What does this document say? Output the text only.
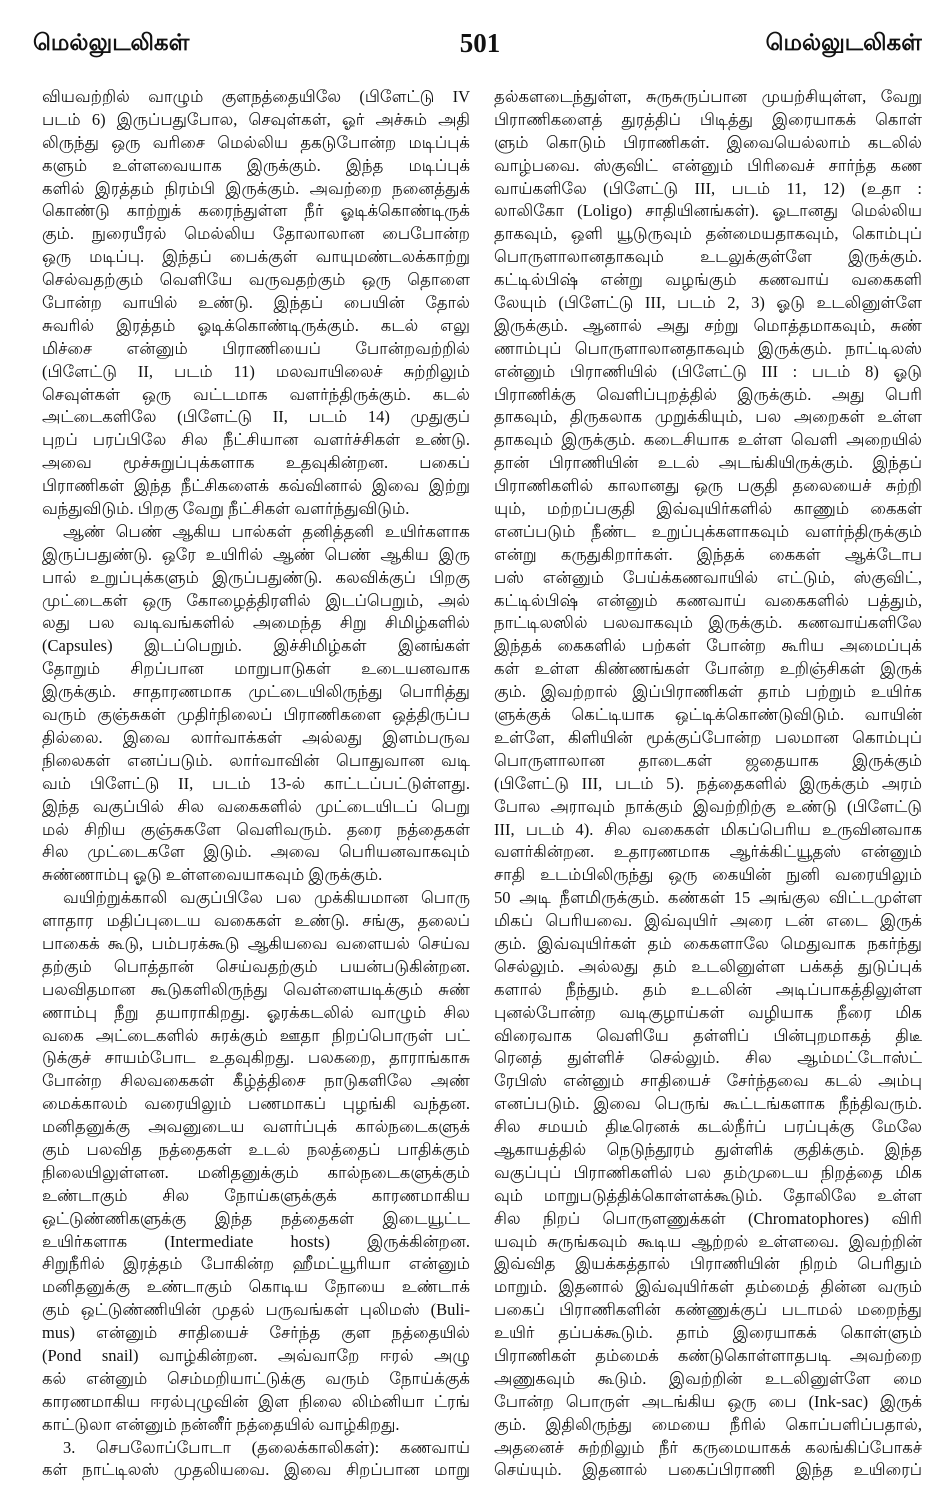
மெல்லுடலிகள்	501	மெல்லுடலிகள்
வியவற்றில் வாழும் குளநத்தையிலே (பிளேட்டு IV
படம் 6) இருப்பதுபோல, செவுள்கள், ஓர் அச்சும் அதி
லிருந்து ஒரு வரிசை மெல்லிய தகடுபோன்ற மடிப்புக்
களும் உள்ளவையாக இருக்கும். இந்த மடிப்புக்
களில் இரத்தம் நிரம்பி இருக்கும். அவற்றை நனைத்துக்
கொண்டு காற்றுக் கரைந்துள்ள நீர் ஓடிக்கொண்டிருக்
கும். நுரையீரல் மெல்லிய தோலாலான பைபோன்ற
ஒரு மடிப்பு. இந்தப் பைக்குள் வாயுமண்டலக்காற்று
செல்வதற்கும் வெளியே வருவதற்கும் ஒரு தொளை
போன்ற வாயில் உண்டு. இந்தப் பையின் தோல்
சுவரில் இரத்தம் ஓடிக்கொண்டிருக்கும். கடல் எலு
மிச்சை என்னும் பிராணியைப் போன்றவற்றில்
(பிளேட்டு II, படம் 11) மலவாயிலைச் சுற்றிலும்
செவுள்கள் ஒரு வட்டமாக வளர்ந்திருக்கும். கடல்
அட்டைகளிலே (பிளேட்டு II, படம் 14) முதுகுப்
புறப் பரப்பிலே சில நீட்சியான வளர்ச்சிகள் உண்டு.
அவை மூச்சுறுப்புக்களாக உதவுகின்றன. பகைப்
பிராணிகள் இந்த நீட்சிகளைக் கவ்வினால் இவை இற்று
வந்துவிடும். பிறகு வேறு நீட்சிகள் வளர்ந்துவிடும்.
ஆண் பெண் ஆகிய பால்கள் தனித்தனி உயிர்களாக
இருப்பதுண்டு. ஒரே உயிரில் ஆண் பெண் ஆகிய இரு
பால் உறுப்புக்களும் இருப்பதுண்டு. கலவிக்குப் பிறகு
முட்டைகள் ஒரு கோழைத்திரளில் இடப்பெறும், அல்
லது பல வடிவங்களில் அமைந்த சிறு சிமிழ்களில்
(Capsules) இடப்பெறும். இச்சிமிழ்கள் இனங்கள்
தோறும் சிறப்பான மாறுபாடுகள் உடையனவாக
இருக்கும். சாதாரணமாக முட்டையிலிருந்து பொரித்து
வரும் குஞ்சுகள் முதிர்நிலைப் பிராணிகளை ஒத்திருப்ப
தில்லை. இவை லார்வாக்கள் அல்லது இளம்பருவ
நிலைகள் எனப்படும். லார்வாவின் பொதுவான வடி
வம் பிளேட்டு II, படம் 13-ல் காட்டப்பட்டுள்ளது.
இந்த வகுப்பில் சில வகைகளில் முட்டையிடப் பெறு
மல் சிறிய குஞ்சுகளே வெளிவரும். தரை நத்தைகள்
சில முட்டைகளே இடும். அவை பெரியனவாகவும்
சுண்ணாம்பு ஓடு உள்ளவையாகவும் இருக்கும்.
வயிற்றுக்காலி வகுப்பிலே பல முக்கியமான பொரு
ளாதார மதிப்புடைய வகைகள் உண்டு. சங்கு, தலைப்
பாகைக் கூடு, பம்பரக்கூடு ஆகியவை வளையல் செய்வ
தற்கும் பொத்தான் செய்வதற்கும் பயன்படுகின்றன.
பலவிதமான கூடுகளிலிருந்து வெள்ளையடிக்கும் சுண்
ணாம்பு நீறு தயாராகிறது. ஓரக்கடலில் வாழும் சில
வகை அட்டைகளில் சுரக்கும் ஊதா நிறப்பொருள் பட்
டுக்குச் சாயம்போட உதவுகிறது. பலகறை, தாராங்காசு
போன்ற சிலவகைகள் கீழ்த்திசை நாடுகளிலே அண்
மைக்காலம் வரையிலும் பணமாகப் புழங்கி வந்தன.
மனிதனுக்கு அவனுடைய வளர்ப்புக் கால்நடைகளுக்
கும் பலவித நத்தைகள் உடல் நலத்தைப் பாதிக்கும்
நிலையிலுள்ளன. மனிதனுக்கும் கால்நடைகளுக்கும்
உண்டாகும் சில நோய்களுக்குக் காரணமாகிய
ஒட்டுண்ணிகளுக்கு இந்த நத்தைகள் இடையூட்ட
உயிர்களாக (Intermediate hosts) இருக்கின்றன.
சிறுநீரில் இரத்தம் போகின்ற ஹீமட்யூரியா என்னும்
மனிதனுக்கு உண்டாகும் கொடிய நோயை உண்டாக்
கும் ஒட்டுண்ணியின் முதல் பருவங்கள் புலிமஸ் (Buli-
mus) என்னும் சாதியைச் சேர்ந்த குள நத்தையில்
(Pond snail) வாழ்கின்றன. அவ்வாறே ஈரல் அழு
கல் என்னும் செம்மறியாட்டுக்கு வரும் நோய்க்குக்
காரணமாகிய ஈரல்புழுவின் இள நிலை லிம்னியா ட்ரங்
காட்டுலா என்னும் நன்னீர் நத்தையில் வாழ்கிறது.
3. செபலோப்போடா (தலைக்காலிகள்): கணவாய்
கள் நாட்டிலஸ் முதலியவை. இவை சிறப்பான மாறு
தல்களடைந்துள்ள, சுருசுருப்பான முயற்சியுள்ள, வேறு
பிராணிகளைத் துரத்திப் பிடித்து இரையாகக் கொள்
ளும் கொடும் பிராணிகள். இவையெல்லாம் கடலில்
வாழ்பவை. ஸ்குவிட் என்னும் பிரிவைச் சார்ந்த கண
வாய்களிலே (பிளேட்டு III, படம் 11, 12) (உதா :
லாலிகோ (Loligo) சாதியினங்கள்). ஓடானது மெல்லிய
தாகவும், ஒளி யூடுருவும் தன்மையதாகவும், கொம்புப்
பொருளாலானதாகவும் உடலுக்குள்ளே இருக்கும்.
கட்டில்பிஷ் என்று வழங்கும் கணவாய் வகைகளி
லேயும் (பிளேட்டு III, படம் 2, 3) ஓடு உடலினுள்ளே
இருக்கும். ஆனால் அது சற்று மொத்தமாகவும், சுண்
ணாம்புப் பொருளாலானதாகவும் இருக்கும். நாட்டிலஸ்
என்னும் பிராணியில் (பிளேட்டு III : படம் 8) ஓடு
பிராணிக்கு வெளிப்புறத்தில் இருக்கும். அது பெரி
தாகவும், திருகலாக முறுக்கியும், பல அறைகள் உள்ள
தாகவும் இருக்கும். கடைசியாக உள்ள வெளி அறையில்
தான் பிராணியின் உடல் அடங்கியிருக்கும். இந்தப்
பிராணிகளில் காலானது ஒரு பகுதி தலையைச் சுற்றி
யும், மற்றப்பகுதி இவ்வுயிர்களில் காணும் கைகள்
எனப்படும் நீண்ட உறுப்புக்களாகவும் வளர்ந்திருக்கும்
என்று கருதுகிறார்கள். இந்தக் கைகள் ஆக்டோப
பஸ் என்னும் பேய்க்கணவாயில் எட்டும், ஸ்குவிட்,
கட்டில்பிஷ் என்னும் கணவாய் வகைகளில் பத்தும்,
நாட்டிலஸில் பலவாகவும் இருக்கும். கணவாய்களிலே
இந்தக் கைகளில் பற்கள் போன்ற கூரிய அமைப்புக்
கள் உள்ள கிண்ணங்கள் போன்ற உறிஞ்சிகள் இருக்
கும். இவற்றால் இப்பிராணிகள் தாம் பற்றும் உயிர்க
ளுக்குக் கெட்டியாக ஒட்டிக்கொண்டுவிடும். வாயின்
உள்ளே, கிளியின் மூக்குப்போன்ற பலமான கொம்புப்
பொருளாலான தாடைகள் ஜதையாக இருக்கும்
(பிளேட்டு III, படம் 5). நத்தைகளில் இருக்கும் அரம்
போல அராவும் நாக்கும் இவற்றிற்கு உண்டு (பிளேட்டு
III, படம் 4). சில வகைகள் மிகப்பெரிய உருவினவாக
வளர்கின்றன. உதாரணமாக ஆர்க்கிட்யூதஸ் என்னும்
சாதி உடம்பிலிருந்து ஒரு கையின் நுனி வரையிலும்
50 அடி நீளமிருக்கும். கண்கள் 15 அங்குல விட்டமுள்ள
மிகப் பெரியவை. இவ்வுயிர் அரை டன் எடை இருக்
கும். இவ்வுயிர்கள் தம் கைகளாலே மெதுவாக நகர்ந்து
செல்லும். அல்லது தம் உடலினுள்ள பக்கத் துடுப்புக்
களால் நீந்தும். தம் உடலின் அடிப்பாகத்திலுள்ள
புனல்போன்ற வடிகுழாய்கள் வழியாக நீரை மிக
விரைவாக வெளியே தள்ளிப் பின்புறமாகத் திடீ
ரெனத் துள்ளிச் செல்லும். சில ஆம்மட்டோஸ்ட்
ரேபிஸ் என்னும் சாதியைச் சேர்ந்தவை கடல் அம்பு
எனப்படும். இவை பெருங் கூட்டங்களாக நீந்திவரும்.
சில சமயம் திடீரெனக் கடல்நீர்ப் பரப்புக்கு மேலே
ஆகாயத்தில் நெடுந்தூரம் துள்ளிக் குதிக்கும். இந்த
வகுப்புப் பிராணிகளில் பல தம்முடைய நிறத்தை மிக
வும் மாறுபடுத்திக்கொள்ளக்கூடும். தோலிலே உள்ள
சில நிறப் பொருளணுக்கள் (Chromatophores) விரி
யவும் சுருங்கவும் கூடிய ஆற்றல் உள்ளவை. இவற்றின்
இவ்வித இயக்கத்தால் பிராணியின் நிறம் பெரிதும்
மாறும். இதனால் இவ்வுயிர்கள் தம்மைத் தின்ன வரும்
பகைப் பிராணிகளின் கண்ணுக்குப் படாமல் மறைந்து
உயிர் தப்பக்கூடும். தாம் இரையாகக் கொள்ளும்
பிராணிகள் தம்மைக் கண்டுகொள்ளாதபடி அவற்றை
அணுகவும் கூடும். இவற்றின் உடலினுள்ளே மை
போன்ற பொருள் அடங்கிய ஒரு பை (Ink-sac) இருக்
கும். இதிலிருந்து மையை நீரில் கொப்பளிப்பதால்,
அதனைச் சுற்றிலும் நீர் கருமையாகக் கலங்கிப்போகச்
செய்யும். இதனால் பகைப்பிராணி இந்த உயிரைப்
